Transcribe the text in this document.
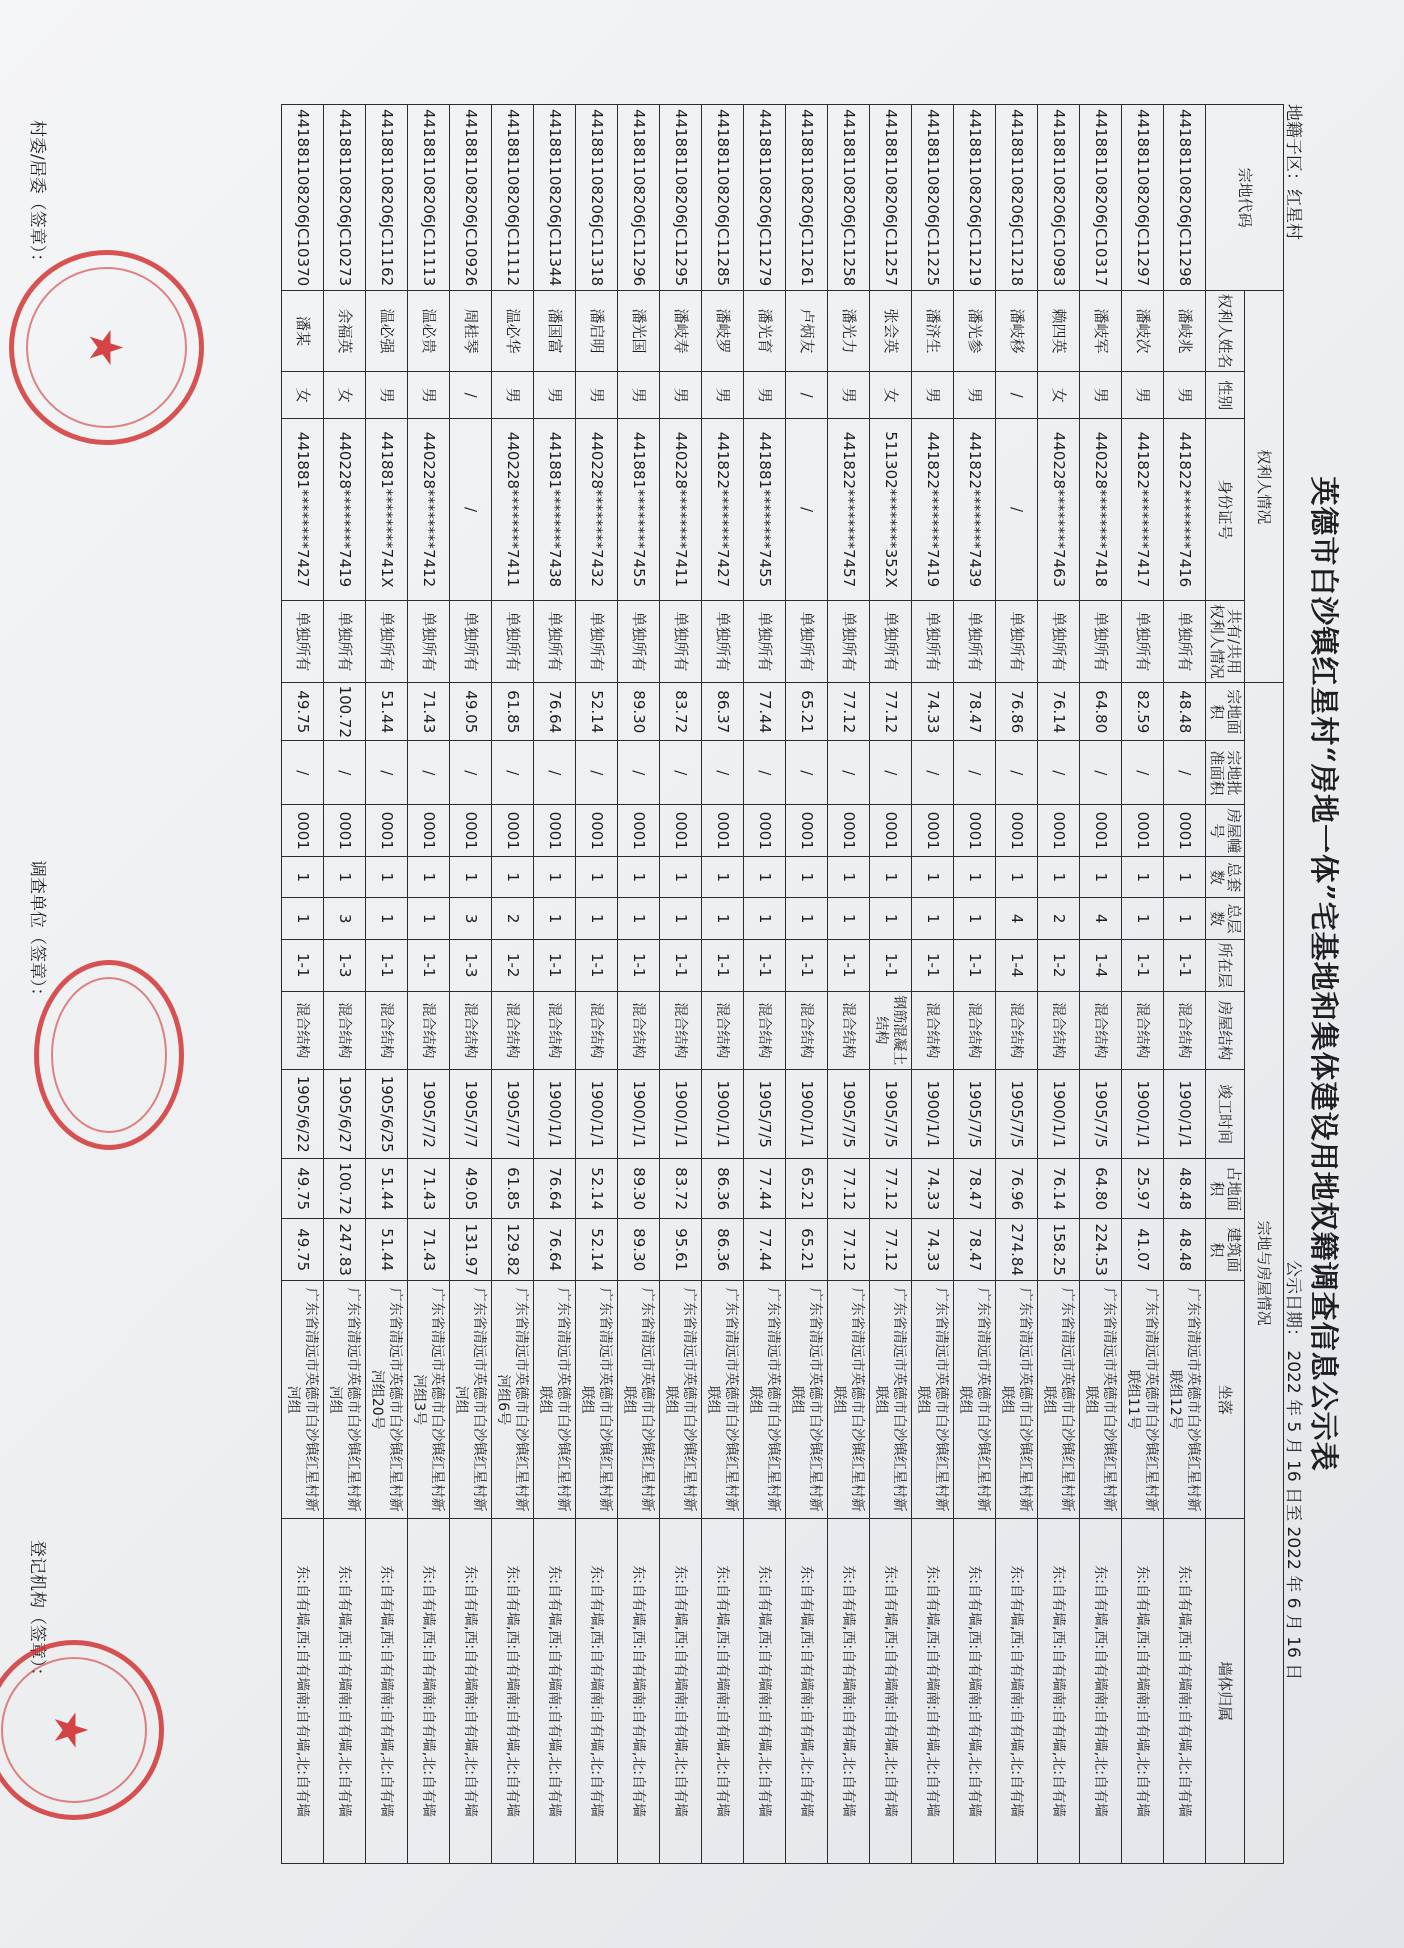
英德市白沙镇红星村“房地一体”宅基地和集体建设用地权籍调查信息公示表
地籍子区：红星村
公示日期： 2022 年 5 月 16 日至 2022 年 6 月 16 日
宗地代码	权利人情况				宗地与房屋情况											
	权利人姓名	性别	身份证号	共有/共用权利人情况	宗地面积	宗地批准面积	房屋幢号	总套数	总层数	所在层	房屋结构	竣工时间	占地面积	建筑面积	坐落	墙体归属
44188110820​6JC11298	潘岐兆	男	441822********7416	单独所有	48.48	/	0001	1	1	1-1	混合结构	1900/1/1	48.48	48.48	广东省清远市英德市白沙镇红星村新联组12号	东:自有墙,西:自有墙南:自有墙,北:自有墙
441881108206JC11297	潘岐次	男	441822********7417	单独所有	82.59	/	0001	1	1	1-1	混合结构	1900/1/1	25.97	41.07	广东省清远市英德市白沙镇红星村新联组11号	东:自有墙,西:自有墙南:自有墙,北:自有墙
441881108206JC10317	潘岐军	男	440228********7418	单独所有	64.80	/	0001	1	4	1-4	混合结构	1905/7/5	64.80	224.53	广东省清远市英德市白沙镇红星村新联组	东:自有墙,西:自有墙南:自有墙,北:自有墙
441881108206JC10983	赖四英	女	440228********7463	单独所有	76.14	/	0001	1	2	1-2	混合结构	1900/1/1	76.14	158.25	广东省清远市英德市白沙镇红星村新联组	东:自有墙,西:自有墙南:自有墙,北:自有墙
441881108206JC11218	潘岐移	/	/	单独所有	76.86	/	0001	1	4	1-4	混合结构	1905/7/5	76.96	274.84	广东省清远市英德市白沙镇红星村新联组	东:自有墙,西:自有墙南:自有墙,北:自有墙
441881108206JC11219	潘光参	男	441822********7439	单独所有	78.47	/	0001	1	1	1-1	混合结构	1905/7/5	78.47	78.47	广东省清远市英德市白沙镇红星村新联组	东:自有墙,西:自有墙南:自有墙,北:自有墙
441881108206JC11225	潘济生	男	441822********7419	单独所有	74.33	/	0001	1	1	1-1	混合结构	1900/1/1	74.33	74.33	广东省清远市英德市白沙镇红星村新联组	东:自有墙,西:自有墙南:自有墙,北:自有墙
441881108206JC11257	张会英	女	511302********352X	单独所有	77.12	/	0001	1	1	1-1	钢筋混凝土结构	1905/7/5	77.12	77.12	广东省清远市英德市白沙镇红星村新联组	东:自有墙,西:自有墙南:自有墙,北:自有墙
441881108206JC11258	潘光力	男	441822********7457	单独所有	77.12	/	0001	1	1	1-1	混合结构	1905/7/5	77.12	77.12	广东省清远市英德市白沙镇红星村新联组	东:自有墙,西:自有墙南:自有墙,北:自有墙
441881108206JC11261	卢炳友	/	/	单独所有	65.21	/	0001	1	1	1-1	混合结构	1900/1/1	65.21	65.21	广东省清远市英德市白沙镇红星村新联组	东:自有墙,西:自有墙南:自有墙,北:自有墙
441881108206JC11279	潘光育	男	441881********7455	单独所有	77.44	/	0001	1	1	1-1	混合结构	1905/7/5	77.44	77.44	广东省清远市英德市白沙镇红星村新联组	东:自有墙,西:自有墙南:自有墙,北:自有墙
441881108206JC11285	潘岐罗	男	441822********7427	单独所有	86.37	/	0001	1	1	1-1	混合结构	1900/1/1	86.36	86.36	广东省清远市英德市白沙镇红星村新联组	东:自有墙,西:自有墙南:自有墙,北:自有墙
441881108206JC11295	潘岐寿	男	440228********7411	单独所有	83.72	/	0001	1	1	1-1	混合结构	1900/1/1	83.72	95.61	广东省清远市英德市白沙镇红星村新联组	东:自有墙,西:自有墙南:自有墙,北:自有墙
441881108206JC11296	潘光国	男	441881********7455	单独所有	89.30	/	0001	1	1	1-1	混合结构	1900/1/1	89.30	89.30	广东省清远市英德市白沙镇红星村新联组	东:自有墙,西:自有墙南:自有墙,北:自有墙
441881108206JC11318	潘启明	男	440228********7432	单独所有	52.14	/	0001	1	1	1-1	混合结构	1900/1/1	52.14	52.14	广东省清远市英德市白沙镇红星村新联组	东:自有墙,西:自有墙南:自有墙,北:自有墙
441881108206JC11344	潘国富	男	441881********7438	单独所有	76.64	/	0001	1	1	1-1	混合结构	1900/1/1	76.64	76.64	广东省清远市英德市白沙镇红星村新联组	东:自有墙,西:自有墙南:自有墙,北:自有墙
441881108206JC11112	温必华	男	440228********7411	单独所有	61.85	/	0001	1	2	1-2	混合结构	1905/7/7	61.85	129.82	广东省清远市英德市白沙镇红星村新河组6号	东:自有墙,西:自有墙南:自有墙,北:自有墙
441881108206JC10926	周桂琴	/	/	单独所有	49.05	/	0001	1	3	1-3	混合结构	1905/7/7	49.05	131.97	广东省清远市英德市白沙镇红星村新河组	东:自有墙,西:自有墙南:自有墙,北:自有墙
441881108206JC11113	温必贵	男	440228********7412	单独所有	71.43	/	0001	1	1	1-1	混合结构	1905/7/2	71.43	71.43	广东省清远市英德市白沙镇红星村新河组3号	东:自有墙,西:自有墙南:自有墙,北:自有墙
441881108206JC11162	温必强	男	441881********741X	单独所有	51.44	/	0001	1	1	1-1	混合结构	1905/6/25	51.44	51.44	广东省清远市英德市白沙镇红星村新河组20号	东:自有墙,西:自有墙南:自有墙,北:自有墙
441881108206JC10273	余福英	女	440228********7419	单独所有	100.72	/	0001	1	3	1-3	混合结构	1905/6/27	100.72	247.83	广东省清远市英德市白沙镇红星村新河组	东:自有墙,西:自有墙南:自有墙,北:自有墙
441881108206JC10370	潘某	女	441881********7427	单独所有	49.75	/	0001	1	1	1-1	混合结构	1905/6/22	49.75	49.75	广东省清远市英德市白沙镇红星村新河组	东:自有墙,西:自有墙南:自有墙,北:自有墙
村委/居委（签章）：
调查单位（签章）：
登记机构（签章）：
★
★
